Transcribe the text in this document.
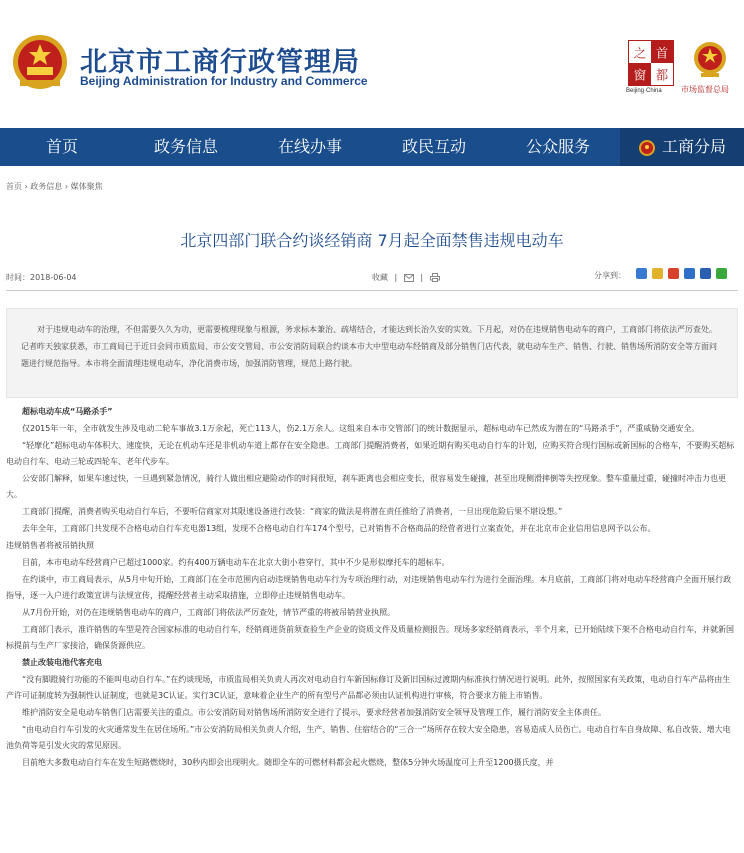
北京市工商行政管理局
Beijing Administration for Industry and Commerce
之 首
窗 都
Beijing·China 市场监督总局
首页	政务信息	在线办事	政民互动	公众服务	工商分局
首页 › 政务信息 › 媒体聚焦
北京四部门联合约谈经销商 7月起全面禁售违规电动车
时间：2018-06-04	收藏 |	|	分享到：

对于违规电动车的治理，不但需要久久为功，更需要梳理现象与根源，务求标本兼治、疏堵结合，才能达到长治久安的实效。下月起，对仍在违规销售电动车的商户，工商部门将依法严厉查处。记者昨天独家获悉，市工商局已于近日会同市质监局、市公安交管局、市公安消防局联合约谈本市大中型电动车经销商及部分销售门店代表，就电动车生产、销售、行驶、销售场所消防安全等方面问题进行规范指导。本市将全面清理违规电动车，净化消费市场，加强消防管理，规范上路行驶。

超标电动车成“马路杀手”

仅2015年一年，全市就发生涉及电动二轮车事故3.1万余起，死亡113人，伤2.1万余人。这组来自本市交管部门的统计数据显示，超标电动车已然成为潜在的“马路杀手”，严重威胁交通安全。

“轻摩化”超标电动车体积大、速度快，无论在机动车还是非机动车道上都存在安全隐患。工商部门提醒消费者，如果近期有购买电动自行车的计划，应购买符合现行国标或新国标的合格车，不要购买超标电动自行车、电动三轮或四轮车、老年代步车。

公安部门解释，如果车速过快，一旦遇到紧急情况，骑行人做出相应避险动作的时间很短，刹车距离也会相应变长，很容易发生碰撞，甚至出现侧滑摔倒等失控现象。整车重量过重，碰撞时冲击力也更大。

工商部门提醒，消费者购买电动自行车后，不要听信商家对其限速设备进行改装：“商家的做法是将潜在责任推给了消费者，一旦出现危险后果不堪设想。”

去年全年，工商部门共发现不合格电动自行车充电器13组，发现不合格电动自行车174个型号，已对销售不合格商品的经营者进行立案查处，并在北京市企业信用信息网予以公布。

违规销售者将被吊销执照

目前，本市电动车经营商户已超过1000家。约有400万辆电动车在北京大街小巷穿行，其中不少是形似摩托车的超标车。

在约谈中，市工商局表示，从5月中旬开始，工商部门在全市范围内启动违规销售电动车行为专项治理行动，对违规销售电动车行为进行全面治理。本月底前，工商部门将对电动车经营商户全面开展行政指导，逐一入户进行政策宣讲与法规宣传，提醒经营者主动采取措施，立即停止违规销售电动车。

从7月份开始，对仍在违规销售电动车的商户，工商部门将依法严厉查处，情节严重的将被吊销营业执照。

工商部门表示，准许销售的车型是符合国家标准的电动自行车，经销商进货前须查验生产企业的资质文件及质量检测报告。现场多家经销商表示，半个月来，已开始陆续下架不合格电动自行车，并就新国标提前与生产厂家接洽，确保货源供应。

禁止改装电池代客充电

“没有脚蹬骑行功能的不能叫电动自行车。”在约谈现场，市质监局相关负责人再次对电动自行车新国标修订及新旧国标过渡期内标准执行情况进行说明。此外，按照国家有关政策，电动自行车产品将由生产许可证制度转为强制性认证制度，也就是3C认证。实行3C认证，意味着企业生产的所有型号产品都必须由认证机构进行审核，符合要求方能上市销售。

维护消防安全是电动车销售门店需要关注的重点。市公安消防局对销售场所消防安全进行了提示，要求经营者加强消防安全领导及管理工作，履行消防安全主体责任。

“由电动自行车引发的火灾通常发生在居住场所。”市公安消防局相关负责人介绍，生产、销售、住宿结合的“三合一”场所存在较大安全隐患，容易造成人员伤亡。电动自行车自身故障、私自改装、增大电池负荷等是引发火灾的常见原因。

目前绝大多数电动自行车在发生短路燃烧时，30秒内即会出现明火。随即全车的可燃材料都会起火燃烧，整体5分钟火场温度可上升至1200摄氏度，并
